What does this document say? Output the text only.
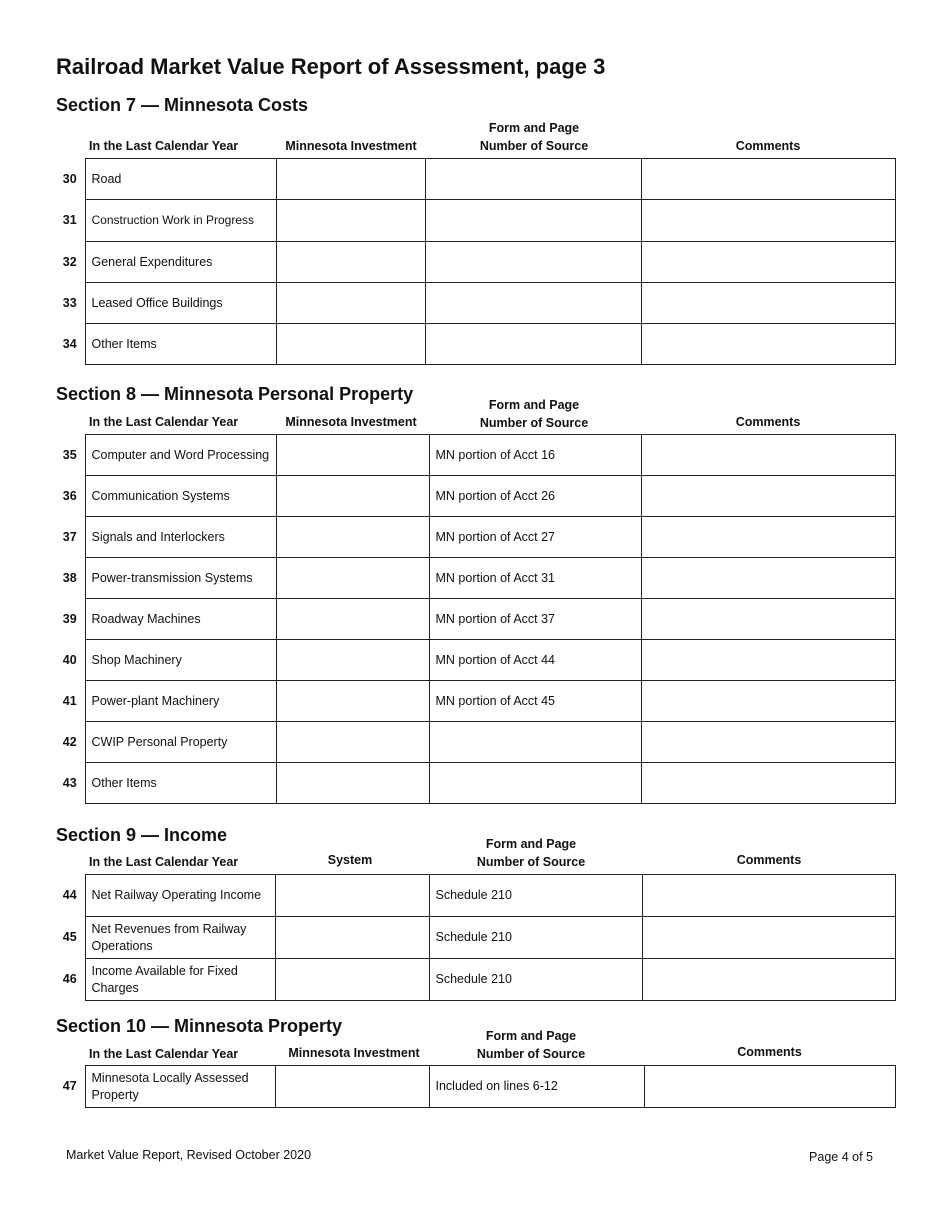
Railroad Market Value Report of Assessment, page 3
Section 7 — Minnesota Costs
In the Last Calendar Year	Minnesota Investment
Form and Page
Number of Source	Comments
30	Road			
31	Construction Work in Progress			
32	General Expenditures			
33	Leased Office Buildings			
34	Other Items			
Section 8 — Minnesota Personal Property
In the Last Calendar Year	Minnesota Investment
Form and Page
Number of Source	Comments
35	Computer and Word Processing		MN portion of Acct 16	
36	Communication Systems		MN portion of Acct 26	
37	Signals and Interlockers		MN portion of Acct 27	
38	Power-transmission Systems		MN portion of Acct 31	
39	Roadway Machines		MN portion of Acct 37	
40	Shop Machinery		MN portion of Acct 44	
41	Power-plant Machinery		MN portion of Acct 45	
42	CWIP Personal Property			
43	Other Items			
Section 9 — Income
In the Last Calendar Year	System
Form and Page
Number of Source	Comments
44	Net Railway Operating Income		Schedule 210	
45	Net Revenues from Railway Operations		Schedule 210	
46	Income Available for Fixed Charges		Schedule 210	
Section 10 — Minnesota Property
In the Last Calendar Year	Minnesota Investment
Form and Page
Number of Source	Comments
47	Minnesota Locally Assessed Property		Included on lines 6-12	
Market Value Report, Revised October 2020	Page 4 of 5
